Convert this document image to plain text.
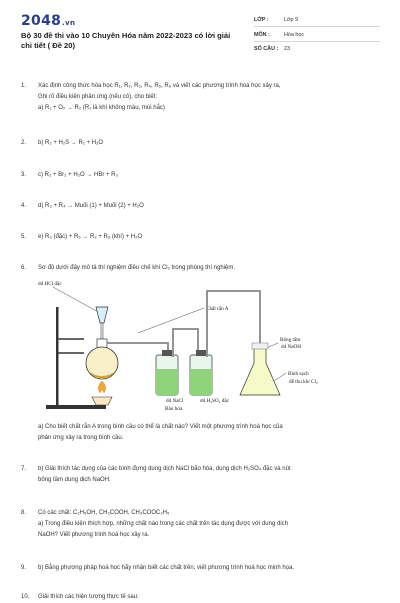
2048.vn
Bộ 30 đề thi vào 10 Chuyên Hóa năm 2022-2023 có lời giải chi tiết ( Đề 20)
LỚP :	Lớp 9
MÔN :	Hóa học
SỐ CÂU :	23
1. Xác định công thức hóa học R₁, R₂, R₃, R₄, R₅, R₆ và viết các phương trình hoá học xảy ra,
Ghi rõ điều kiện phản ứng (nếu có), cho biết:
a) R₁ + O₂ → R₂ (R₁ là khí không màu, mùi hắc)
2. b) R₂ + H₂S → R₁ + H₂O
3. c) R₂ + Br₂ + H₂O → HBr + R₃
4. d) R₃ + R₄ → Muối (1) + Muối (2) + H₂O
5. e) R₃ (đặc) + R₅ → R₂ + R₆ (khí) + H₂O
6. Sơ đồ dưới đây mô tả thí nghiệm điều chế khí Cl₂ trong phòng thí nghiệm.
dd HCl đặc
Chất rắn A
Bông tẩm
dd NaOH
Bình sạch
để thu khí Cl₂
dd NaCl
Bão hoà
dd H₂SO₄ đặc
a) Cho biết chất rắn A trong bình cầu có thể là chất nào? Viết một phương trình hoá học của
phản ứng xảy ra trong bình cầu.
7. b) Giải thích tác dụng của các bình đựng dung dịch NaCl bão hòa, dung dịch H₂SO₄ đặc và nút
bông tầm dung dịch NaOH.
8. Có các chất: C₂H₅OH, CH₃COOH, CH₃COOC₂H₅
a) Trong điều kiện thích hợp, những chất nào trong các chất trên tác dụng được với dung dịch
NaOH? Viết phương trình hoá học xảy ra.
9. b) Bằng phương pháp hoá học hãy nhận biết các chất trên, viết phương trình hoá học minh họa.
10. Giải thích các hiện tượng thực tế sau:
